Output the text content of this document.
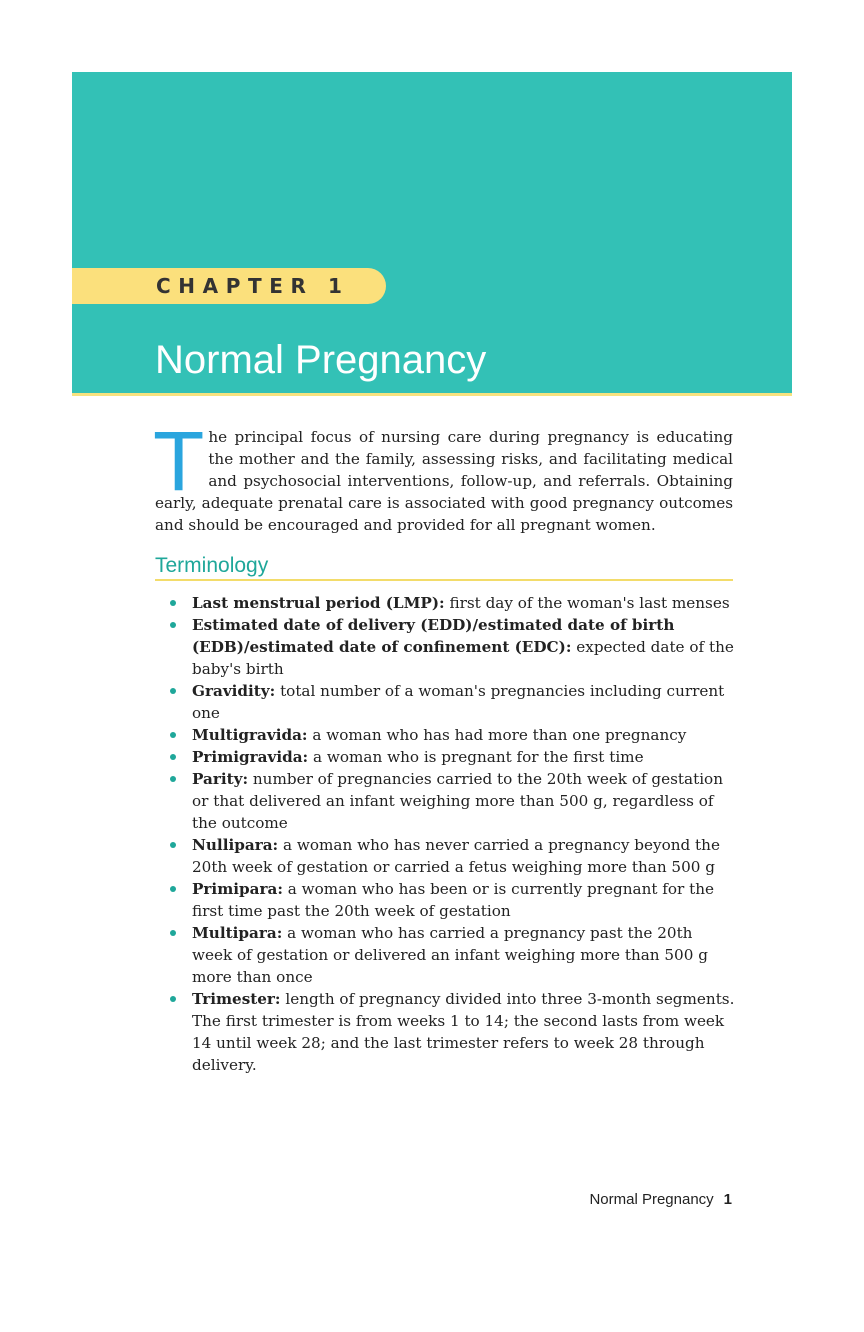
CHAPTER 1
Normal Pregnancy

The principal focus of nursing care during pregnancy is educating the mother and the family, assessing risks, and facilitating medical and psychosocial interventions, follow-up, and referrals. Obtaining early, adequate prenatal care is associated with good pregnancy outcomes and should be encouraged and provided for all pregnant women.

Terminology
Last menstrual period (LMP): first day of the woman's last menses
Estimated date of delivery (EDD)/estimated date of birth (EDB)/estimated date of confinement (EDC): expected date of the baby's birth
Gravidity: total number of a woman's pregnancies including current one
Multigravida: a woman who has had more than one pregnancy
Primigravida: a woman who is pregnant for the first time
Parity: number of pregnancies carried to the 20th week of gestation or that delivered an infant weighing more than 500 g, regardless of the outcome
Nullipara: a woman who has never carried a pregnancy beyond the 20th week of gestation or carried a fetus weighing more than 500 g
Primipara: a woman who has been or is currently pregnant for the first time past the 20th week of gestation
Multipara: a woman who has carried a pregnancy past the 20th week of gestation or delivered an infant weighing more than 500 g more than once
Trimester: length of pregnancy divided into three 3-month segments. The first trimester is from weeks 1 to 14; the second lasts from week 14 until week 28; and the last trimester refers to week 28 through delivery.
Normal Pregnancy 1
